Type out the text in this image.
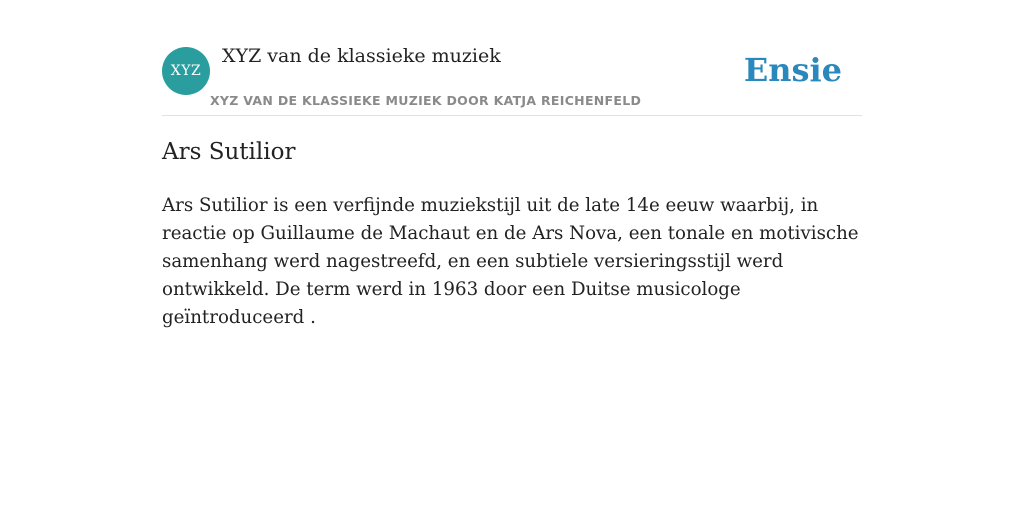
XYZ
XYZ van de klassieke muziek
XYZ VAN DE KLASSIEKE MUZIEK DOOR KATJA REICHENFELD
Ensie
Ars Sutilior

Ars Sutilior is een verfijnde muziekstijl uit de late 14e eeuw waarbij, in reactie op Guillaume de Machaut en de Ars Nova, een tonale en motivische samenhang werd nagestreefd, en een subtiele versieringsstijl werd ontwikkeld. De term werd in 1963 door een Duitse musicologe geïntroduceerd .
